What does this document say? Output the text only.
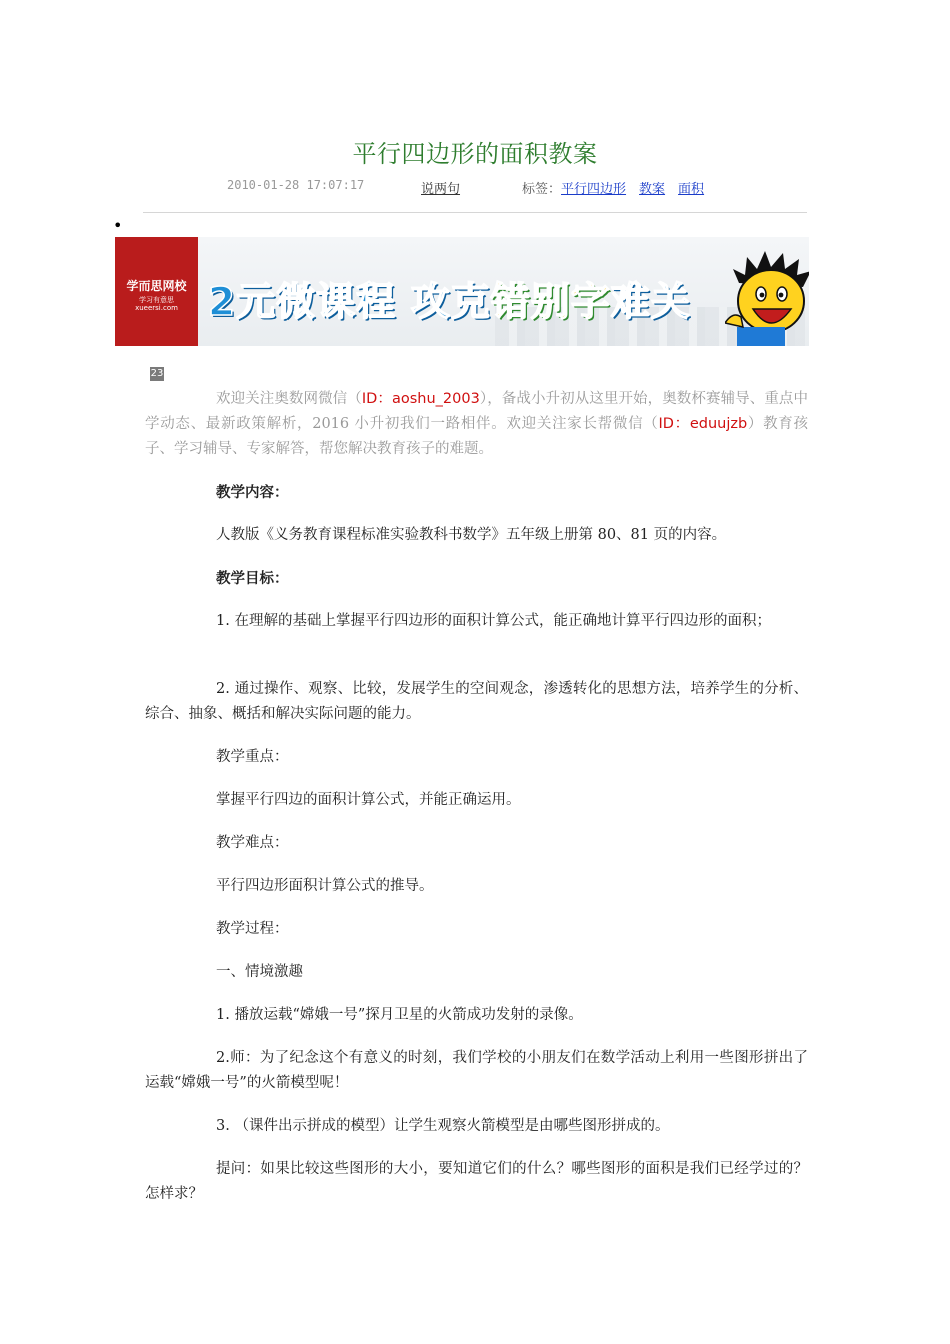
平行四边形的面积教案
2010-01-28 17:07:17	说两句	标签：平行四边形 教案 面积
•
学而思网校
学习有意思
xueersi.com 2元微课程 攻克错别字难关
23
欢迎关注奥数网微信（ID：aoshu_2003），备战小升初从这里开始，奥数杯赛辅导、重点中学动态、最新政策解析，2016 小升初我们一路相伴。欢迎关注家长帮微信（ID：eduujzb）教育孩子、学习辅导、专家解答，帮您解决教育孩子的难题。

教学内容：

人教版《义务教育课程标准实验教科书数学》五年级上册第 80、81 页的内容。

教学目标：

1. 在理解的基础上掌握平行四边形的面积计算公式，能正确地计算平行四边形的面积；

2. 通过操作、观察、比较，发展学生的空间观念，渗透转化的思想方法，培养学生的分析、综合、抽象、概括和解决实际问题的能力。

教学重点：

掌握平行四边的面积计算公式，并能正确运用。

教学难点：

平行四边形面积计算公式的推导。

教学过程：

一、情境激趣

1. 播放运载“嫦娥一号”探月卫星的火箭成功发射的录像。

2.师：为了纪念这个有意义的时刻，我们学校的小朋友们在数学活动上利用一些图形拼出了运载“嫦娥一号”的火箭模型呢！

3. （课件出示拼成的模型）让学生观察火箭模型是由哪些图形拼成的。

提问：如果比较这些图形的大小，要知道它们的什么？哪些图形的面积是我们已经学过的？怎样求？
